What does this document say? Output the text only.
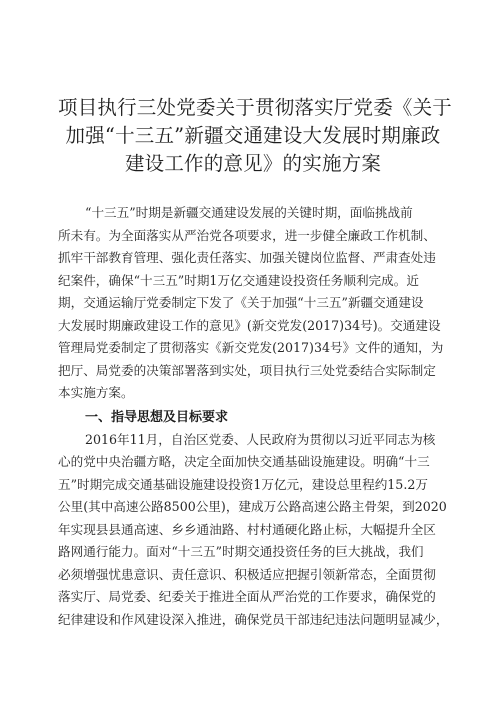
项目执行三处党委关于贯彻落实厅党委《关于
加强“十三五”新疆交通建设大发展时期廉政
建设工作的意见》的实施方案

“十三五”时期是新疆交通建设发展的关键时期，面临挑战前
所未有。为全面落实从严治党各项要求，进一步健全廉政工作机制、
抓牢干部教育管理、强化责任落实、加强关键岗位监督、严肃查处违
纪案件，确保“十三五”时期1万亿交通建设投资任务顺利完成。近
期，交通运输厅党委制定下发了《关于加强“十三五”新疆交通建设
大发展时期廉政建设工作的意见》(新交党发(2017)34号)。交通建设
管理局党委制定了贯彻落实《新交党发(2017)34号》文件的通知，为
把厅、局党委的决策部署落到实处，项目执行三处党委结合实际制定
本实施方案。

一、指导思想及目标要求

2016年11月，自治区党委、人民政府为贯彻以习近平同志为核
心的党中央治疆方略，决定全面加快交通基础设施建设。明确“十三
五”时期完成交通基础设施建设投资1万亿元，建设总里程约15.2万
公里(其中高速公路8500公里)，建成万公路高速公路主骨架，到2020
年实现县县通高速、乡乡通油路、村村通硬化路止标，大幅提升全区
路网通行能力。面对“十三五”时期交通投资任务的巨大挑战，我们
必须增强忧患意识、责任意识、积极适应把握引领新常态，全面贯彻
落实厅、局党委、纪委关于推进全面从严治党的工作要求，确保党的
纪律建设和作风建设深入推进，确保党员干部违纪违法问题明显减少，
